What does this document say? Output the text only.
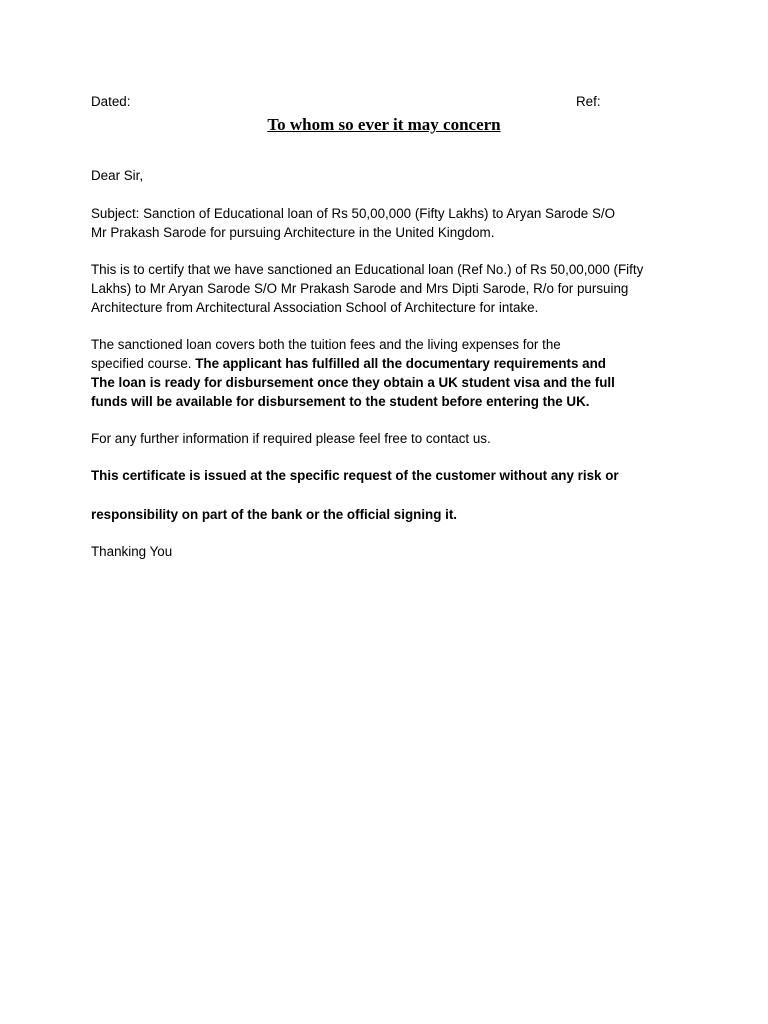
Dated:	Ref:
To whom so ever it may concern

Dear Sir,

Subject: Sanction of Educational loan of Rs 50,00,000 (Fifty Lakhs) to Aryan Sarode S/O
Mr Prakash Sarode for pursuing Architecture in the United Kingdom.

This is to certify that we have sanctioned an Educational loan (Ref No.) of Rs 50,00,000 (Fifty
Lakhs) to Mr Aryan Sarode S/O Mr Prakash Sarode and Mrs Dipti Sarode, R/o for pursuing
Architecture from Architectural Association School of Architecture for intake.

The sanctioned loan covers both the tuition fees and the living expenses for the
specified course. The applicant has fulfilled all the documentary requirements and
The loan is ready for disbursement once they obtain a UK student visa and the full
funds will be available for disbursement to the student before entering the UK.

For any further information if required please feel free to contact us.

This certificate is issued at the specific request of the customer without any risk or

responsibility on part of the bank or the official signing it.

Thanking You
